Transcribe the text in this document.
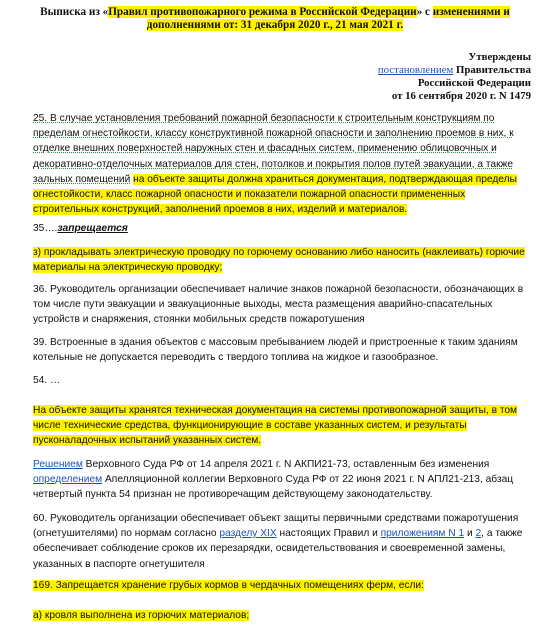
Выписка из «Правил противопожарного режима в Российской Федерации» с изменениями и дополнениями от: 31 декабря 2020 г., 21 мая 2021 г.
Утверждены
постановлением Правительства
Российской Федерации
от 16 сентября 2020 г. N 1479
25. В случае установления требований пожарной безопасности к строительным конструкциям по пределам огнестойкости, классу конструктивной пожарной опасности и заполнению проемов в них, к отделке внешних поверхностей наружных стен и фасадных систем, применению облицовочных и декоративно-отделочных материалов для стен, потолков и покрытия полов путей эвакуации, а также зальных помещений на объекте защиты должна храниться документация, подтверждающая пределы огнестойкости, класс пожарной опасности и показатели пожарной опасности примененных строительных конструкций, заполнений проемов в них, изделий и материалов.
35….запрещается
з) прокладывать электрическую проводку по горючему основанию либо наносить (наклеивать) горючие материалы на электрическую проводку;
36. Руководитель организации обеспечивает наличие знаков пожарной безопасности, обозначающих в том числе пути эвакуации и эвакуационные выходы, места размещения аварийно-спасательных устройств и снаряжения, стоянки мобильных средств пожаротушения
39. Встроенные в здания объектов с массовым пребыванием людей и пристроенные к таким зданиям котельные не допускается переводить с твердого топлива на жидкое и газообразное.
54. …
На объекте защиты хранятся техническая документация на системы противопожарной защиты, в том числе технические средства, функционирующие в составе указанных систем, и результаты пусконаладочных испытаний указанных систем.
Решением Верховного Суда РФ от 14 апреля 2021 г. N АКПИ21-73, оставленным без изменения определением Апелляционной коллегии Верховного Суда РФ от 22 июня 2021 г. N АПЛ21-213, абзац четвертый пункта 54 признан не противоречащим действующему законодательству.
60. Руководитель организации обеспечивает объект защиты первичными средствами пожаротушения (огнетушителями) по нормам согласно разделу XIX настоящих Правил и приложениям N 1 и 2, а также обеспечивает соблюдение сроков их перезарядки, освидетельствования и своевременной замены, указанных в паспорте огнетушителя
169. Запрещается хранение грубых кормов в чердачных помещениях ферм, если:
а) кровля выполнена из горючих материалов;
